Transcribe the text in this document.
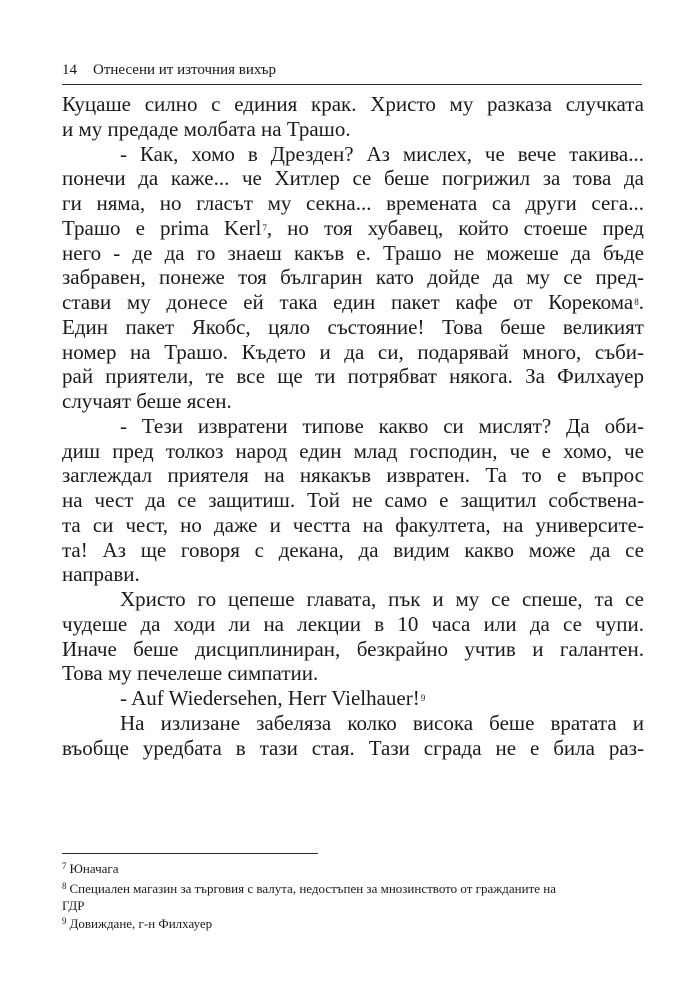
14 Отнесени ит източния вихър
Куцаше силно с единия крак. Христо му разказа случката
и му предаде молбата на Трашо.
- Как, хомо в Дрезден? Аз мислех, че вече такива...
понечи да каже... че Хитлер се беше погрижил за това да
ги няма, но гласът му секна... времената са други сега...
Трашо е prima Kerl$^7$, но тоя хубавец, който стоеше пред
него - де да го знаеш какъв е. Трашо не можеше да бъде
забравен, понеже тоя българин като дойде да му се пред-
стави му донесе ей така един пакет кафе от Корекома$^8$.
Един пакет Якобс, цяло състояние! Това беше великият
номер на Трашо. Където и да си, подарявай много, съби-
рай приятели, те все ще ти потрябват някога. За Филхауер
случаят беше ясен.
- Тези извратени типове какво си мислят? Да оби-
диш пред толкоз народ един млад господин, че е хомо, че
заглеждал приятеля на някакъв извратен. Та то е въпрос
на чест да се защитиш. Той не само е защитил собствена-
та си чест, но даже и честта на факултета, на университе-
та! Аз ще говоря с декана, да видим какво може да се
направи.
Христо го цепеше главата, пък и му се спеше, та се
чудеше да ходи ли на лекции в 10 часа или да се чупи.
Иначе беше дисциплиниран, безкрайно учтив и галантен.
Това му печелеше симпатии.
- Auf Wiedersehen, Herr Vielhauer!$^9$
На излизане забеляза колко висока беше вратата и
въобще уредбата в тази стая. Тази сграда не е била раз-
$^7$ Юначага
$^8$ Специален магазин за търговия с валута, недостъпен за мнозинството от гражданите на
ГДР
$^9$ Довиждане, г-н Филхауер
